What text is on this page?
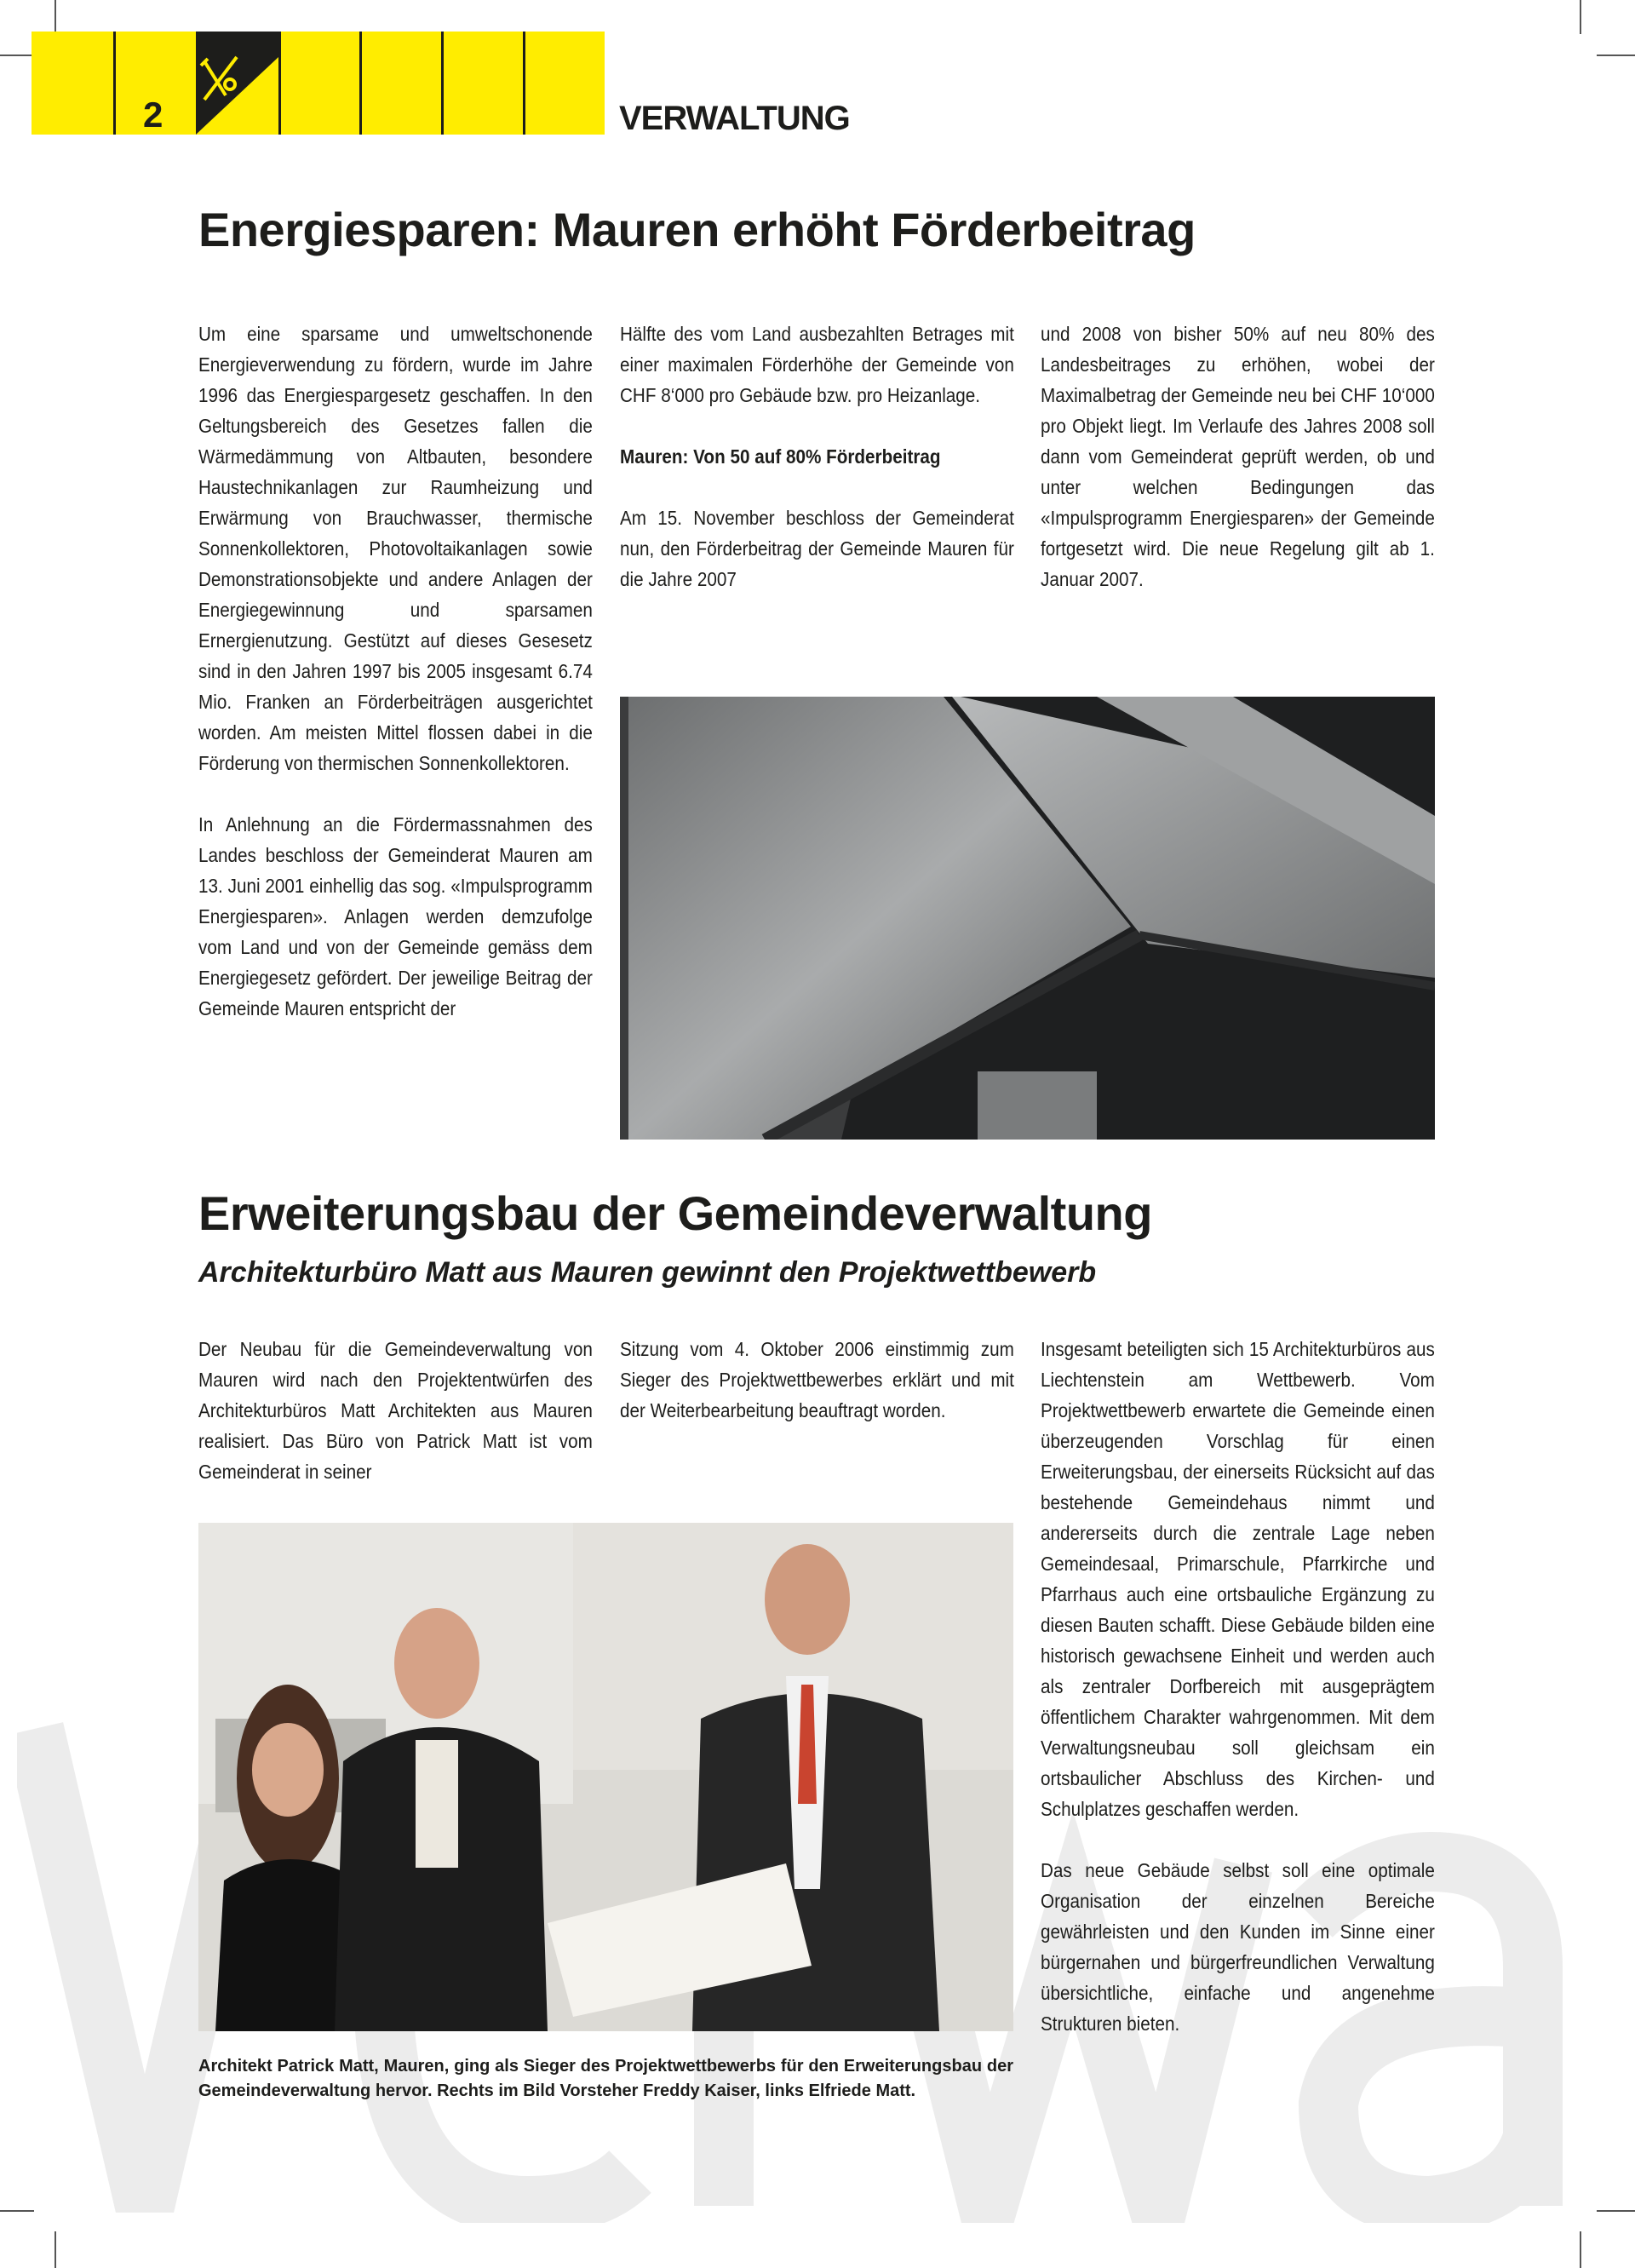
2	VERWALTUNG
Energiesparen: Mauren erhöht Förderbeitrag

Um eine sparsame und umweltschonende Energieverwendung zu fördern, wurde im Jahre 1996 das Energiespargesetz geschaffen. In den Geltungsbereich des Gesetzes fallen die Wärmedämmung von Altbauten, besondere Haustechnikanlagen zur Raumheizung und Erwärmung von Brauchwasser, thermische Sonnenkollektoren, Photovoltaikanlagen sowie Demonstrationsobjekte und andere Anlagen der Energiegewinnung und sparsamen Ernergienutzung. Gestützt auf dieses Gesesetz sind in den Jahren 1997 bis 2005 insgesamt 6.74 Mio. Franken an Förderbeiträgen ausgerichtet worden. Am meisten Mittel flossen dabei in die Förderung von thermischen Sonnenkollektoren.

In Anlehnung an die Fördermassnahmen des Landes beschloss der Gemeinderat Mauren am 13. Juni 2001 einhellig das sog. «Impulsprogramm Energiesparen». Anlagen werden demzufolge vom Land und von der Gemeinde gemäss dem Energiegesetz gefördert. Der jeweilige Beitrag der Gemeinde Mauren entspricht der

Hälfte des vom Land ausbezahlten Betrages mit einer maximalen Förderhöhe der Gemeinde von CHF 8‘000 pro Gebäude bzw. pro Heizanlage.

Mauren: Von 50 auf 80% Förderbeitrag

Am 15. November beschloss der Gemeinderat nun, den Förderbeitrag der Gemeinde Mauren für die Jahre 2007

und 2008 von bisher 50% auf neu 80% des Landesbeitrages zu erhöhen, wobei der Maximalbetrag der Gemeinde neu bei CHF 10‘000 pro Objekt liegt. Im Verlaufe des Jahres 2008 soll dann vom Gemeinderat geprüft werden, ob und unter welchen Bedingungen das «Impulsprogramm Energiesparen» der Gemeinde fortgesetzt wird. Die neue Regelung gilt ab 1. Januar 2007.

Erweiterungsbau der Gemeindeverwaltung
Architekturbüro Matt aus Mauren gewinnt den Projektwettbewerb

Der Neubau für die Gemeindeverwaltung von Mauren wird nach den Projektentwürfen des Architekturbüros Matt Architekten aus Mauren realisiert. Das Büro von Patrick Matt ist vom Gemeinderat in seiner

Sitzung vom 4. Oktober 2006 einstimmig zum Sieger des Projektwettbewerbes erklärt und mit der Weiterbearbeitung beauftragt worden.

Insgesamt beteiligten sich 15 Architekturbüros aus Liechtenstein am Wettbewerb. Vom Projektwettbewerb erwartete die Gemeinde einen überzeugenden Vorschlag für einen Erweiterungsbau, der einerseits Rücksicht auf das bestehende Gemeindehaus nimmt und andererseits durch die zentrale Lage neben Gemeindesaal, Primarschule, Pfarrkirche und Pfarrhaus auch eine ortsbauliche Ergänzung zu diesen Bauten schafft. Diese Gebäude bilden eine historisch gewachsene Einheit und werden auch als zentraler Dorfbereich mit ausgeprägtem öffentlichem Charakter wahrgenommen. Mit dem Verwaltungsneubau soll gleichsam ein ortsbaulicher Abschluss des Kirchen- und Schulplatzes geschaffen werden.

Das neue Gebäude selbst soll eine optimale Organisation der einzelnen Bereiche gewährleisten und den Kunden im Sinne einer bürgernahen und bürgerfreundlichen Verwaltung übersichtliche, einfache und angenehme Strukturen bieten.

Architekt Patrick Matt, Mauren, ging als Sieger des Projektwettbewerbs für den Erweiterungsbau der Gemeindeverwaltung hervor. Rechts im Bild Vorsteher Freddy Kaiser, links Elfriede Matt.
